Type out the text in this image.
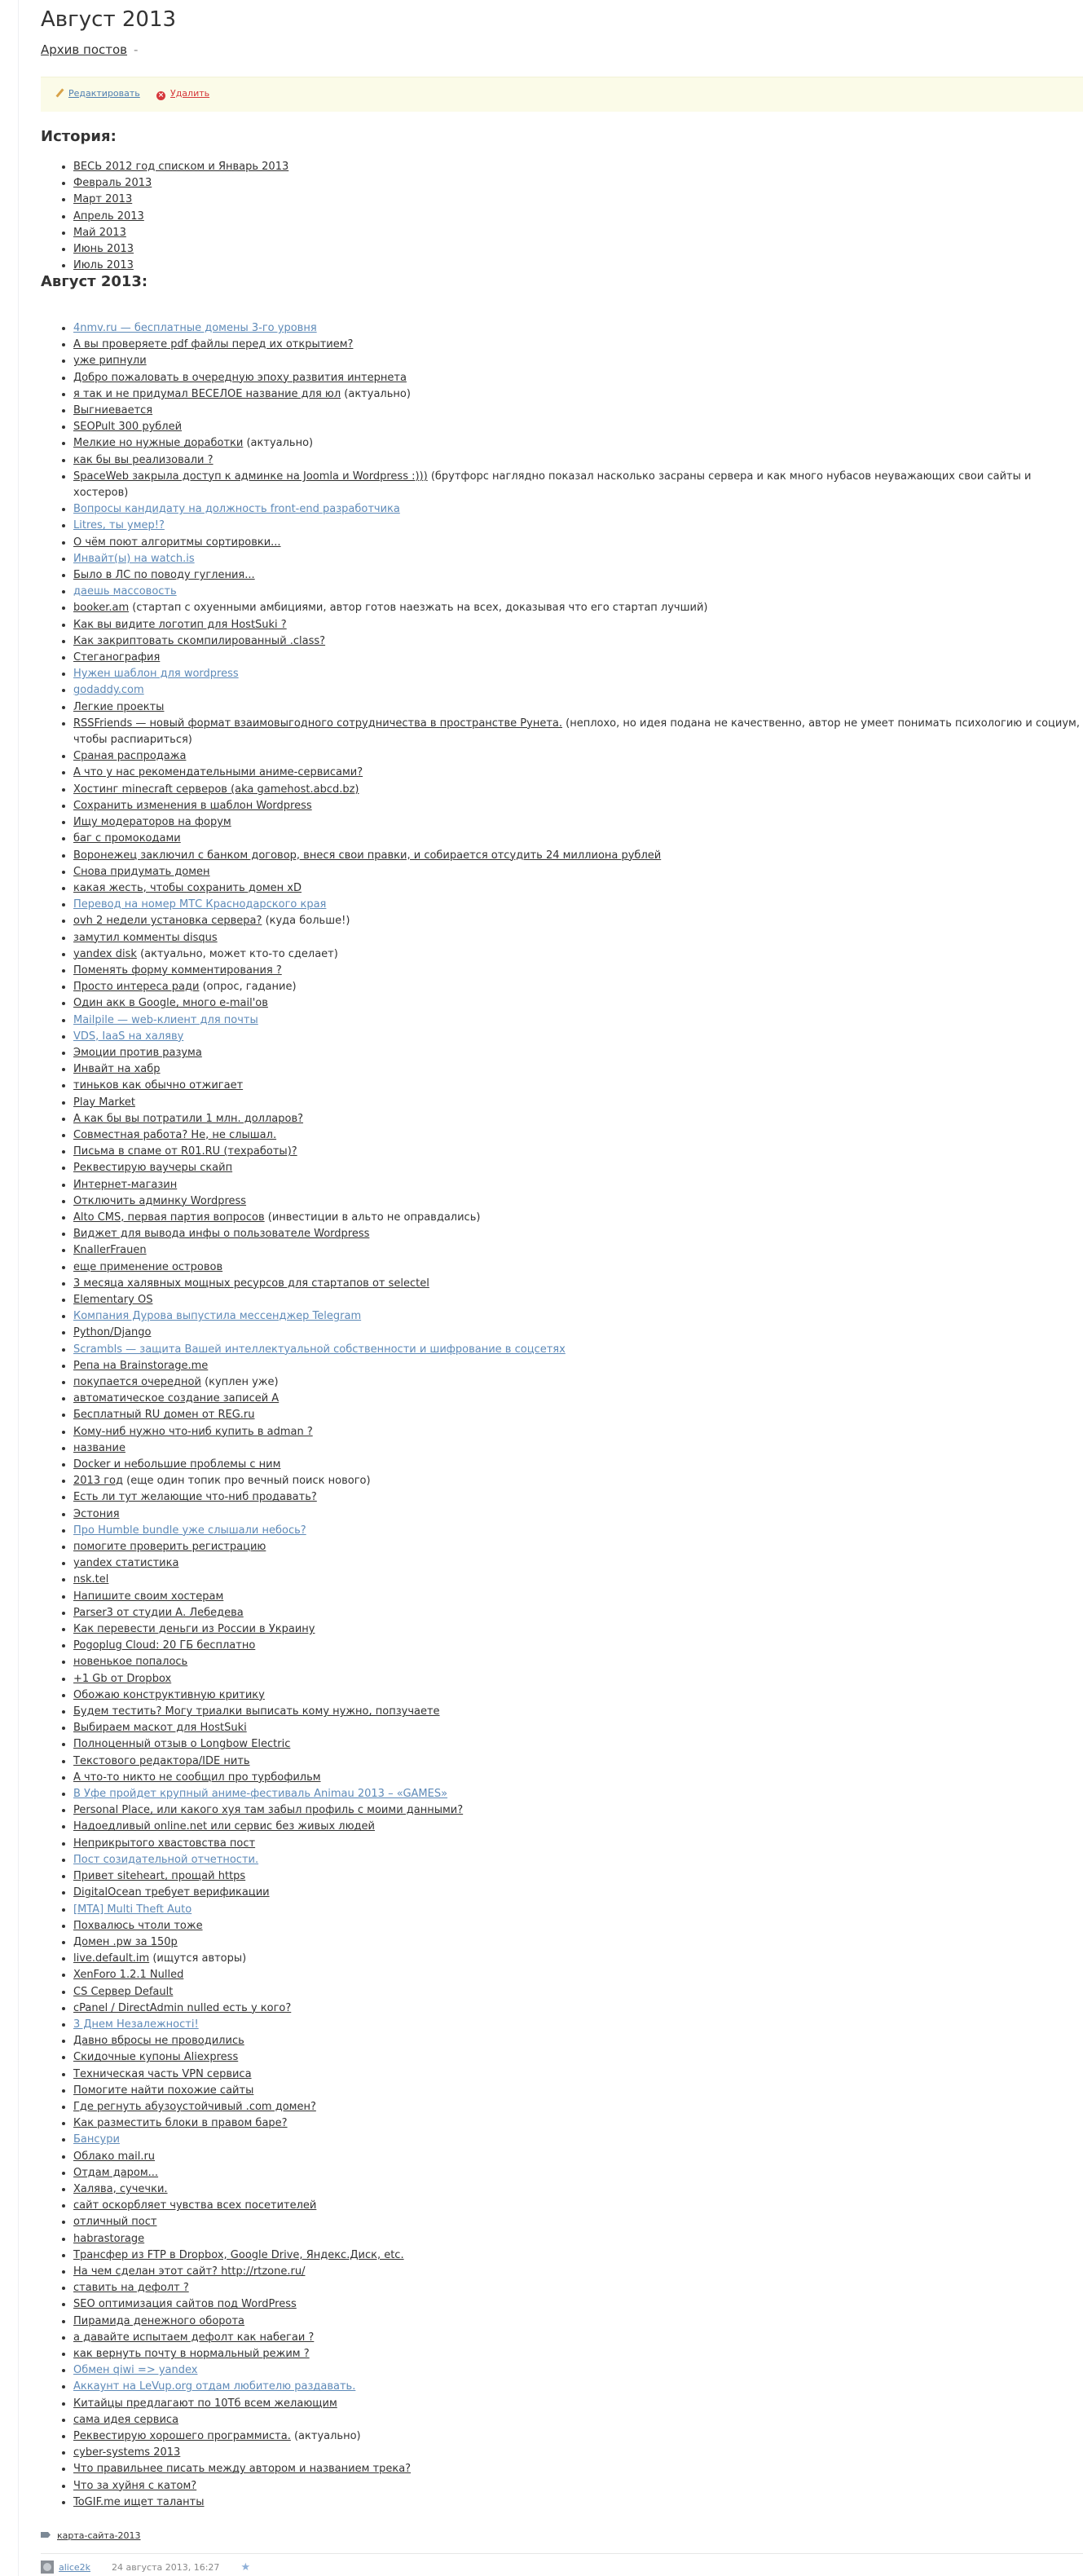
Август 2013
Архив постов -
Редактировать × Удалить
История:
• ВЕСЬ 2012 год списком и Январь 2013
• Февраль 2013
• Март 2013
• Апрель 2013
• Май 2013
• Июнь 2013
• Июль 2013
Август 2013:
• 4nmv.ru — бесплатные домены 3-го уровня
• А вы проверяете pdf файлы перед их открытием?
• уже рипнули
• Добро пожаловать в очередную эпоху развития интернета
• я так и не придумал ВЕСЕЛОЕ название для юл (актуально)
• Выгниевается
• SEOPult 300 рублей
• Мелкие но нужные доработки (актуально)
• как бы вы реализовали ?
• SpaceWeb закрыла доступ к админке на Joomla и Wordpress :))) (брутфорс наглядно показал насколько засраны сервера и как много нубасов неуважающих свои сайты и хостеров)
• Вопросы кандидату на должность front-end разработчика
• Litres, ты умер!?
• О чём поют алгоритмы сортировки...
• Инвайт(ы) на watch.is
• Было в ЛС по поводу гугления...
• даешь массовость
• booker.am (стартап с охуенными амбициями, автор готов наезжать на всех, доказывая что его стартап лучший)
• Как вы видите логотип для HostSuki ?
• Как закриптовать скомпилированный .class?
• Стеганография
• Нужен шаблон для wordpress
• godaddy.com
• Легкие проекты
• RSSFriends — новый формат взаимовыгодного сотрудничества в пространстве Рунета. (неплохо, но идея подана не качественно, автор не умеет понимать психологию и социум, чтобы распиариться)
• Сраная распродажа
• А что у нас рекомендательными аниме-сервисами?
• Хостинг minecraft серверов (aka gamehost.abcd.bz)
• Сохранить изменения в шаблон Wordpress
• Ищу модераторов на форум
• баг с промокодами
• Воронежец заключил с банком договор, внеся свои правки, и собирается отсудить 24 миллиона рублей
• Снова придумать домен
• какая жесть, чтобы сохранить домен xD
• Перевод на номер МТС Краснодарского края
• ovh 2 недели установка сервера? (куда больше!)
• замутил комменты disqus
• yandex disk (актуально, может кто-то сделает)
• Поменять форму комментирования ?
• Просто интереса ради (опрос, гадание)
• Один акк в Google, много e-mail'ов
• Mailpile — web-клиент для почты
• VDS, IaaS на халяву
• Эмоции против разума
• Инвайт на хабр
• тиньков как обычно отжигает
• Play Market
• А как бы вы потратили 1 млн. долларов?
• Совместная работа? Не, не слышал.
• Письма в спаме от R01.RU (техработы)?
• Реквестирую ваучеры скайп
• Интернет-магазин
• Отключить админку Wordpress
• Alto CMS, первая партия вопросов (инвестиции в альто не оправдались)
• Виджет для вывода инфы о пользователе Wordpress
• KnallerFrauen
• еще применение островов
• 3 месяца халявных мощных ресурсов для стартапов от selectel
• Elementary OS
• Компания Дурова выпустила мессенджер Telegram
• Python/Django
• Scrambls — защита Вашей интеллектуальной собственности и шифрование в соцсетях
• Репа на Brainstorage.me
• покупается очередной (куплен уже)
• автоматическое создание записей А
• Бесплатный RU домен от REG.ru
• Кому-ниб нужно что-ниб купить в adman ?
• название
• Docker и небольшие проблемы с ним
• 2013 год (еще один топик про вечный поиск нового)
• Есть ли тут желающие что-ниб продавать?
• Эстония
• Про Humble bundle уже слышали небось?
• помогите проверить регистрацию
• yandex статистика
• nsk.tel
• Напишите своим хостерам
• Parser3 от студии А. Лебедева
• Как перевести деньги из России в Украину
• Pogoplug Cloud: 20 ГБ бесплатно
• новенькое попалось
• +1 Gb от Dropbox
• Обожаю конструктивную критику
• Будем тестить? Могу триалки выписать кому нужно, попзучаете
• Выбираем маскот для HostSuki
• Полноценный отзыв о Longbow Electric
• Текстового редактора/IDE нить
• А что-то никто не сообщил про турбофильм
• В Уфе пройдет крупный аниме-фестиваль Animau 2013 – «GAMES»
• Personal Place, или какого хуя там забыл профиль с моими данными?
• Надоедливый online.net или сервис без живых людей
• Неприкрытого хвастовства пост
• Пост созидательной отчетности.
• Привет siteheart, прощай https
• DigitalOcean требует верификации
• [MTA] Multi Theft Auto
• Похвалюсь чтоли тоже
• Домен .pw за 150р
• live.default.im (ищутся авторы)
• XenForo 1.2.1 Nulled
• CS Сервер Default
• cPanel / DirectAdmin nulled есть у кого?
• 3 Днем Незалежності!
• Давно вбросы не проводились
• Скидочные купоны Aliexpress
• Техническая часть VPN сервиса
• Помогите найти похожие сайты
• Где регнуть абузоустойчивый .com домен?
• Как разместить блоки в правом баре?
• Бансури
• Облако mail.ru
• Отдам даром...
• Халява, сучечки.
• сайт оскорбляет чувства всех посетителей
• отличный пост
• habrastorage
• Трансфер из FTP в Dropbox, Google Drive, Яндекс.Диск, etc.
• На чем сделан этот сайт? http://rtzone.ru/
• ставить на дефолт ?
• SEO оптимизация сайтов под WordPress
• Пирамида денежного оборота
• а давайте испытаем дефолт как набегаи ?
• как вернуть почту в нормальный режим ?
• Обмен qiwi => yandex
• Аккаунт на LeVup.org отдам любителю раздавать.
• Китайцы предлагают по 10Тб всем желающим
• сама идея сервиса
• Реквестирую хорошего программиста. (актуально)
• cyber-systems 2013
• Что правильнее писать между автором и названием трека?
• Что за хуйня с катом?
• ToGIF.me ищет таланты
карта-сайта-2013
alice2k 24 августа 2013, 16:27 ★
